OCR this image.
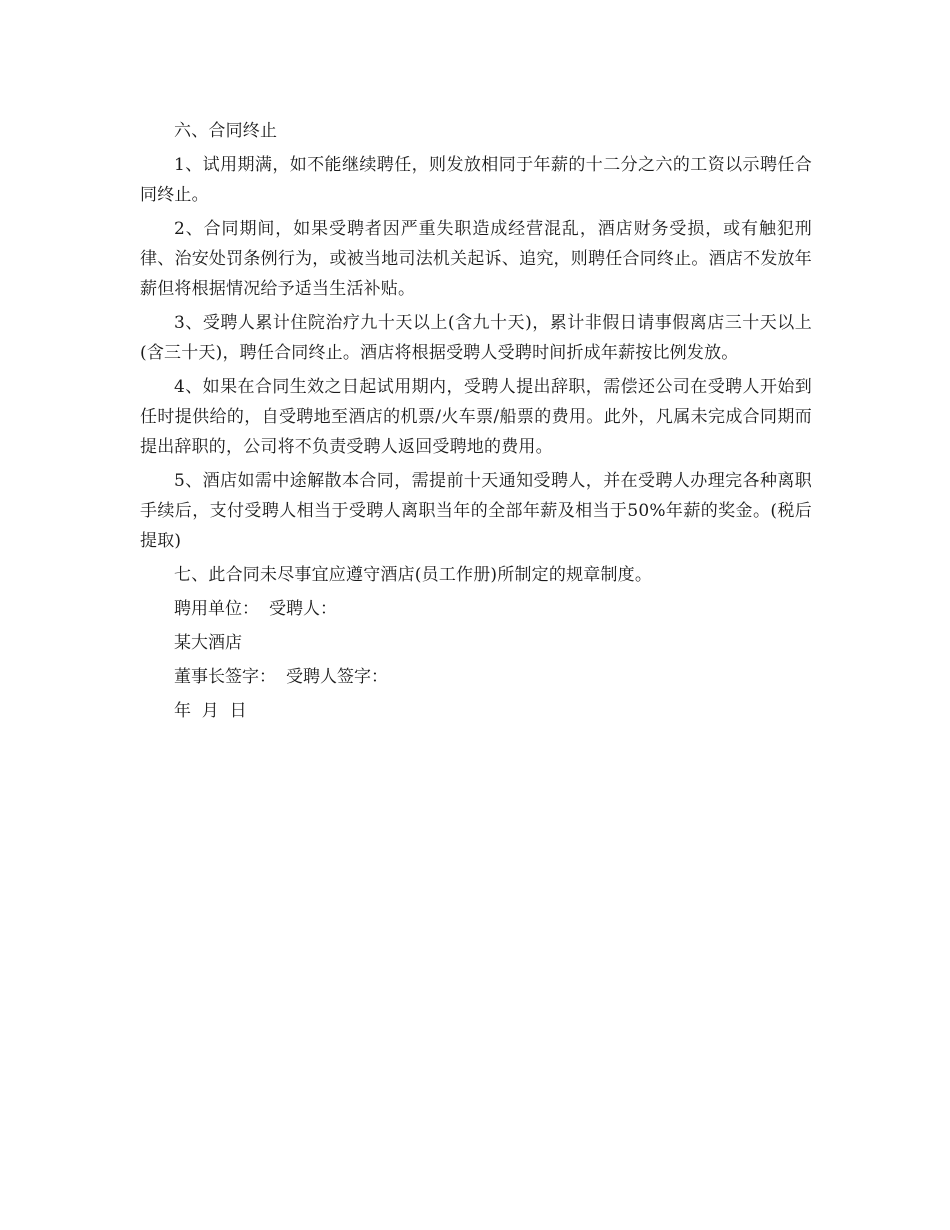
六、合同终止

1、试用期满，如不能继续聘任，则发放相同于年薪的十二分之六的工资以示聘任合同终止。

2、合同期间，如果受聘者因严重失职造成经营混乱，酒店财务受损，或有触犯刑律、治安处罚条例行为，或被当地司法机关起诉、追究，则聘任合同终止。酒店不发放年薪但将根据情况给予适当生活补贴。

3、受聘人累计住院治疗九十天以上(含九十天)，累计非假日请事假离店三十天以上(含三十天)，聘任合同终止。酒店将根据受聘人受聘时间折成年薪按比例发放。

4、如果在合同生效之日起试用期内，受聘人提出辞职，需偿还公司在受聘人开始到任时提供给的，自受聘地至酒店的机票/火车票/船票的费用。此外，凡属未完成合同期而提出辞职的，公司将不负责受聘人返回受聘地的费用。

5、酒店如需中途解散本合同，需提前十天通知受聘人，并在受聘人办理完各种离职手续后，支付受聘人相当于受聘人离职当年的全部年薪及相当于50%年薪的奖金。(税后提取)

七、此合同未尽事宜应遵守酒店(员工作册)所制定的规章制度。

聘用单位： 受聘人：
某大酒店
董事长签字： 受聘人签字：
年  月  日
